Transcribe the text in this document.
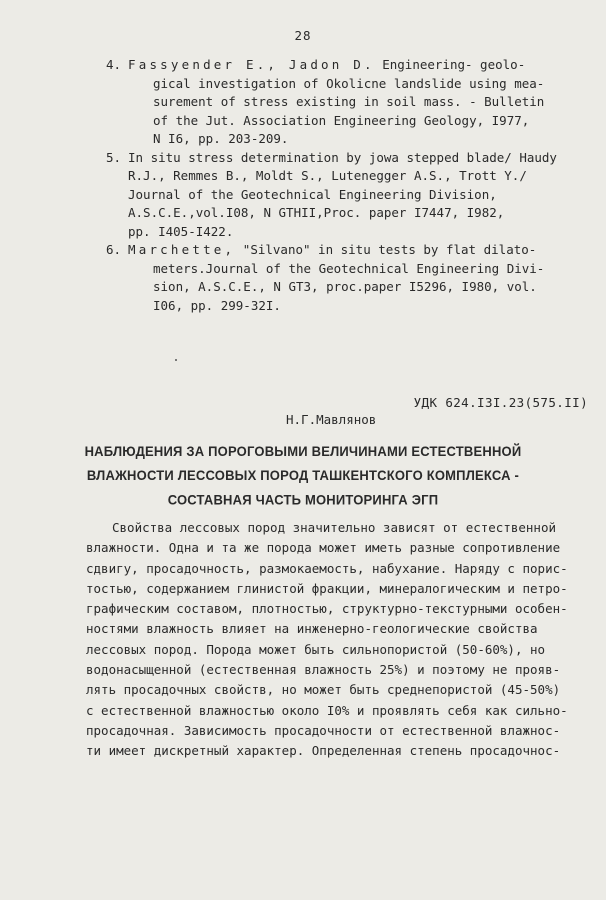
28
4. Fassyender E., Jadon D. Engineering- geolo-
gical investigation of Okolicne landslide using mea-
surement of stress existing in soil mass. - Bulletin
of the Jut. Association Engineering Geology, I977,
N I6, pp. 203-209.
5. In situ stress determination by jowa stepped blade/ Haudy
R.J., Remmes B., Moldt S., Lutenegger A.S., Trott Y./
Journal of the Geotechnical Engineering Division,
A.S.C.E.,vol.I08, N GTHII,Proc. paper I7447, I982,
pp. I405-I422.
6. Marchette, "Silvano" in situ tests by flat dilato-
meters.Journal of the Geotechnical Engineering Divi-
sion, A.S.C.E., N GT3, proc.paper I5296, I980, vol.
I06, pp. 299-32I.
УДК 624.I3I.23(575.II)
Н.Г.Мавлянов
НАБЛЮДЕНИЯ ЗА ПОРОГОВЫМИ ВЕЛИЧИНАМИ ЕСТЕСТВЕННОЙ
ВЛАЖНОСТИ ЛЕССОВЫХ ПОРОД ТАШКЕНТСКОГО КОМПЛЕКСА -
СОСТАВНАЯ ЧАСТЬ МОНИТОРИНГА ЭГП
Свойства лессовых пород значительно зависят от естественной
влажности. Одна и та же порода может иметь разные сопротивление
сдвигу, просадочность, размокаемость, набухание. Наряду с порис-
тостью, содержанием глинистой фракции, минералогическим и петро-
графическим составом, плотностью, структурно-текстурными особен-
ностями влажность влияет на инженерно-геологические свойства
лессовых пород. Порода может быть сильнопористой (50-60%), но
водонасыщенной (естественная влажность 25%) и поэтому не прояв-
лять просадочных свойств, но может быть среднепористой (45-50%)
с естественной влажностью около I0% и проявлять себя как сильно-
просадочная. Зависимость просадочности от естественной влажнос-
ти имеет дискретный характер. Определенная степень просадочнос-
